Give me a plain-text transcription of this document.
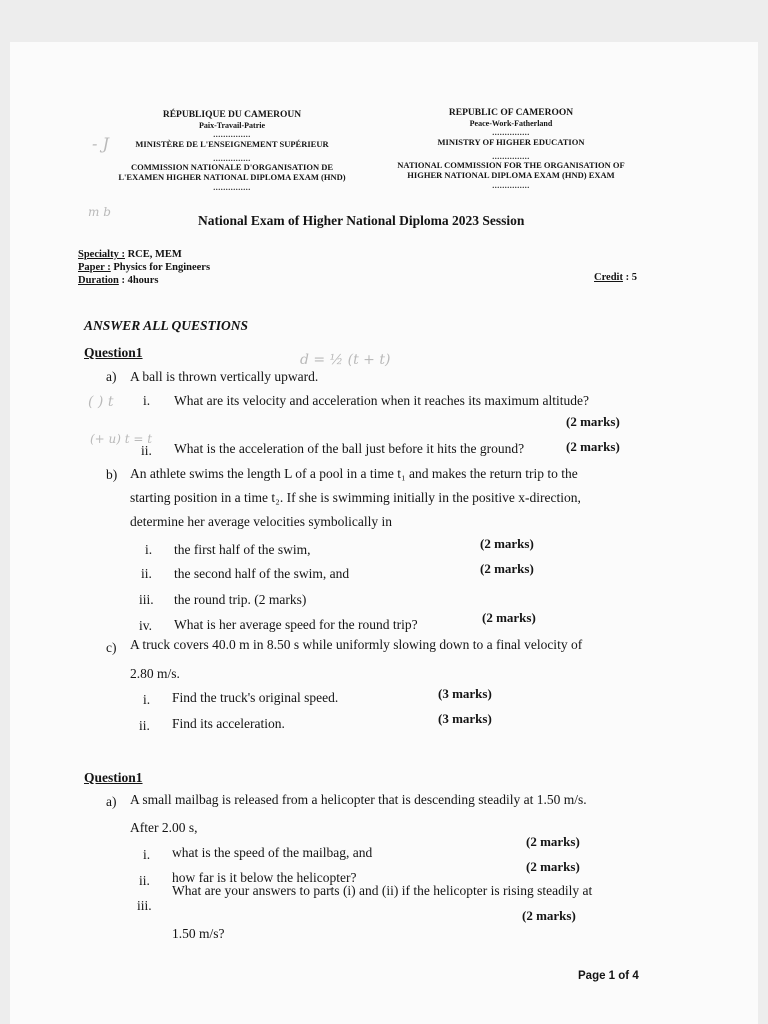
RÉPUBLIQUE DU CAMEROUN
Paix-Travail-Patrie
...............
MINISTÈRE DE L'ENSEIGNEMENT SUPÉRIEUR
...............
COMMISSION NATIONALE D'ORGANISATION DE
L'EXAMEN HIGHER NATIONAL DIPLOMA EXAM (HND)
...............
REPUBLIC OF CAMEROON
Peace-Work-Fatherland
...............
MINISTRY OF HIGHER EDUCATION
...............
NATIONAL COMMISSION FOR THE ORGANISATION OF
HIGHER NATIONAL DIPLOMA EXAM (HND) EXAM
...............
- J
m b
d = ½ (t + t)
( ) t
(+ u) t = t
National Exam of Higher National Diploma 2023 Session
Specialty : RCE, MEM
Paper : Physics for Engineers
Duration : 4hours	Credit : 5
ANSWER ALL QUESTIONS
Question1
a) A ball is thrown vertically upward.
i. What are its velocity and acceleration when it reaches its maximum altitude?
(2 marks)
ii. What is the acceleration of the ball just before it hits the ground?	(2 marks)
b) An athlete swims the length L of a pool in a time t₁ and makes the return trip to the
starting position in a time t₂. If she is swimming initially in the positive x-direction,
determine her average velocities symbolically in
i. the first half of the swim,	(2 marks)
ii. the second half of the swim, and	(2 marks)
iii. the round trip. (2 marks)
iv. What is her average speed for the round trip?	(2 marks)
c) A truck covers 40.0 m in 8.50 s while uniformly slowing down to a final velocity of
2.80 m/s.
i. Find the truck's original speed.	(3 marks)
ii. Find its acceleration.	(3 marks)
Question1
a) A small mailbag is released from a helicopter that is descending steadily at 1.50 m/s.
After 2.00 s,
i. what is the speed of the mailbag, and
(2 marks)
ii. how far is it below the helicopter?
(2 marks)
iii.
What are your answers to parts (i) and (ii) if the helicopter is rising steadily at
(2 marks)
1.50 m/s?
Page 1 of 4
